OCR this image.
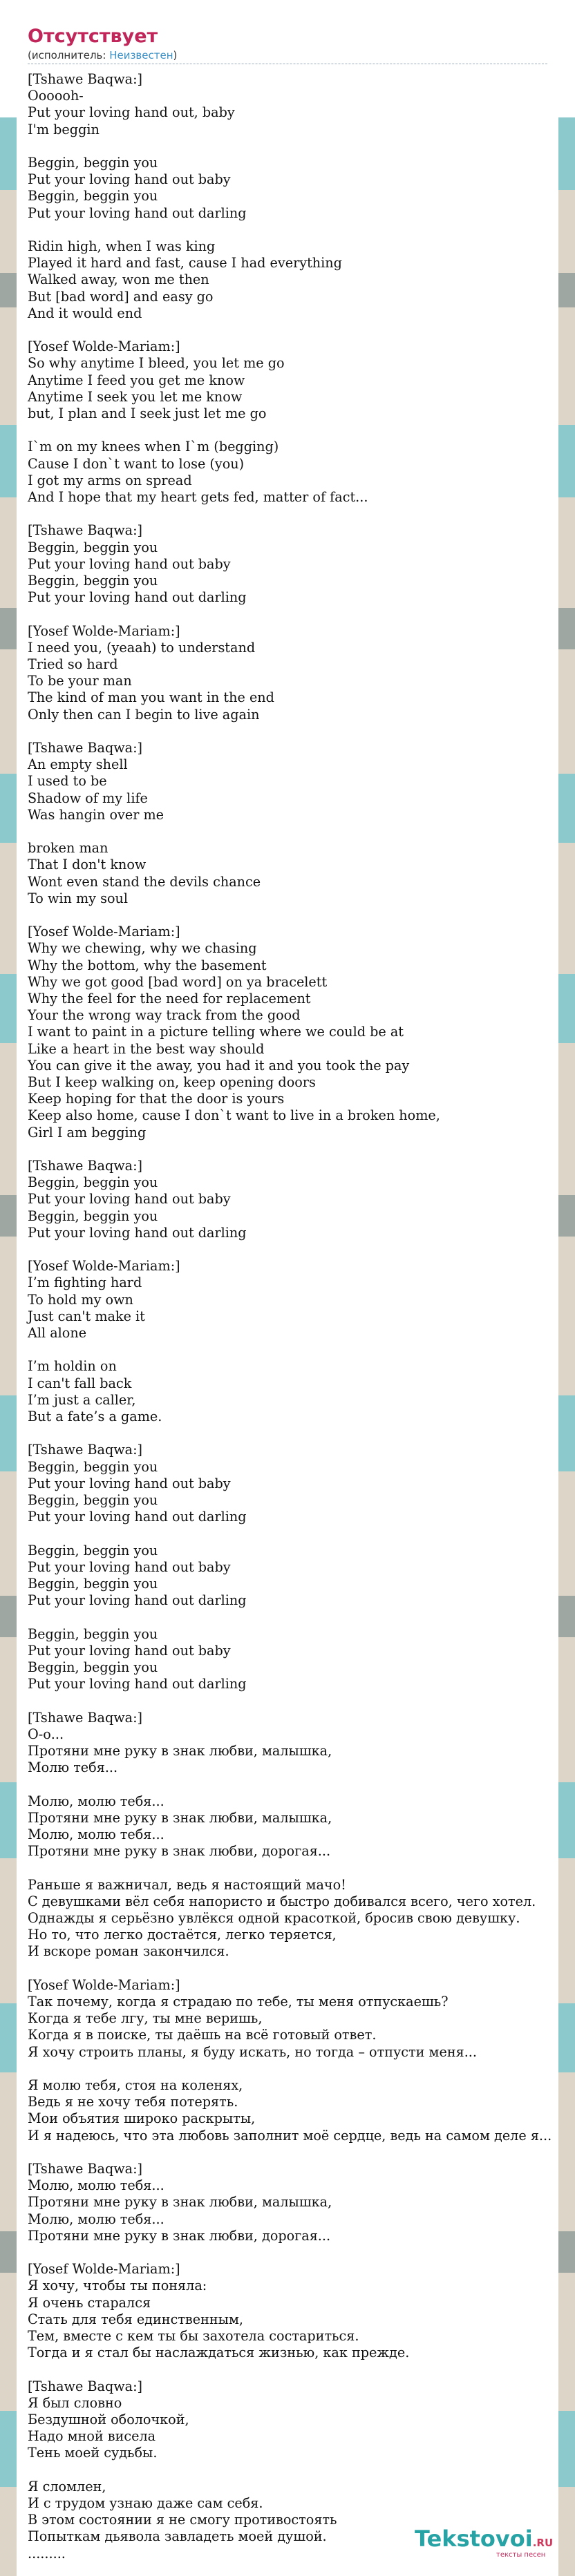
Отсутствует
(исполнитель: Неизвестен)
[Tshawe Baqwa:]
Oooooh-
Put your loving hand out, baby
I'm beggin
Beggin, beggin you
Put your loving hand out baby
Beggin, beggin you
Put your loving hand out darling
Ridin high, when I was king
Played it hard and fast, cause I had everything
Walked away, won me then
But [bad word] and easy go
And it would end
[Yosef Wolde-Mariam:]
So why anytime I bleed, you let me go
Anytime I feed you get me know
Anytime I seek you let me know
but, I plan and I seek just let me go
I`m on my knees when I`m (begging)
Cause I don`t want to lose (you)
I got my arms on spread
And I hope that my heart gets fed, matter of fact...
[Tshawe Baqwa:]
Beggin, beggin you
Put your loving hand out baby
Beggin, beggin you
Put your loving hand out darling
[Yosef Wolde-Mariam:]
I need you, (yeaah) to understand
Tried so hard
To be your man
The kind of man you want in the end
Only then can I begin to live again
[Tshawe Baqwa:]
An empty shell
I used to be
Shadow of my life
Was hangin over me
broken man
That I don't know
Wont even stand the devils chance
To win my soul
[Yosef Wolde-Mariam:]
Why we chewing, why we chasing
Why the bottom, why the basement
Why we got good [bad word] on ya bracelett
Why the feel for the need for replacement
Your the wrong way track from the good
I want to paint in a picture telling where we could be at
Like a heart in the best way should
You can give it the away, you had it and you took the pay
But I keep walking on, keep opening doors
Keep hoping for that the door is yours
Keep also home, cause I don`t want to live in a broken home,
Girl I am begging
[Tshawe Baqwa:]
Beggin, beggin you
Put your loving hand out baby
Beggin, beggin you
Put your loving hand out darling
[Yosef Wolde-Mariam:]
I’m fighting hard
To hold my own
Just can't make it
All alone
I’m holdin on
I can't fall back
I’m just a caller,
But a fate’s a game.
[Tshawe Baqwa:]
Beggin, beggin you
Put your loving hand out baby
Beggin, beggin you
Put your loving hand out darling
Beggin, beggin you
Put your loving hand out baby
Beggin, beggin you
Put your loving hand out darling
Beggin, beggin you
Put your loving hand out baby
Beggin, beggin you
Put your loving hand out darling
[Tshawe Baqwa:]
О-о...
Протяни мне руку в знак любви, малышка,
Молю тебя...
Молю, молю тебя...
Протяни мне руку в знак любви, малышка,
Молю, молю тебя...
Протяни мне руку в знак любви, дорогая...
Раньше я важничал, ведь я настоящий мачо!
С девушками вёл себя напористо и быстро добивался всего, чего хотел.
Однажды я серьёзно увлёкся одной красоткой, бросив свою девушку.
Но то, что легко достаётся, легко теряется,
И вскоре роман закончился.
[Yosef Wolde-Mariam:]
Так почему, когда я страдаю по тебе, ты меня отпускаешь?
Когда я тебе лгу, ты мне веришь,
Когда я в поиске, ты даёшь на всё готовый ответ.
Я хочу строить планы, я буду искать, но тогда – отпусти меня...
Я молю тебя, стоя на коленях,
Ведь я не хочу тебя потерять.
Мои объятия широко раскрыты,
И я надеюсь, что эта любовь заполнит моё сердце, ведь на самом деле я...
[Tshawe Baqwa:]
Молю, молю тебя...
Протяни мне руку в знак любви, малышка,
Молю, молю тебя...
Протяни мне руку в знак любви, дорогая...
[Yosef Wolde-Mariam:]
Я хочу, чтобы ты поняла:
Я очень старался
Стать для тебя единственным,
Тем, вместе с кем ты бы захотела состариться.
Тогда и я стал бы наслаждаться жизнью, как прежде.
[Tshawe Baqwa:]
Я был словно
Бездушной оболочкой,
Надо мной висела
Тень моей судьбы.
Я сломлен,
И с трудом узнаю даже сам себя.
В этом состоянии я не смогу противостоять
Попыткам дьявола завладеть моей душой.
.........
Tekstovoi.RU
тексты песен
